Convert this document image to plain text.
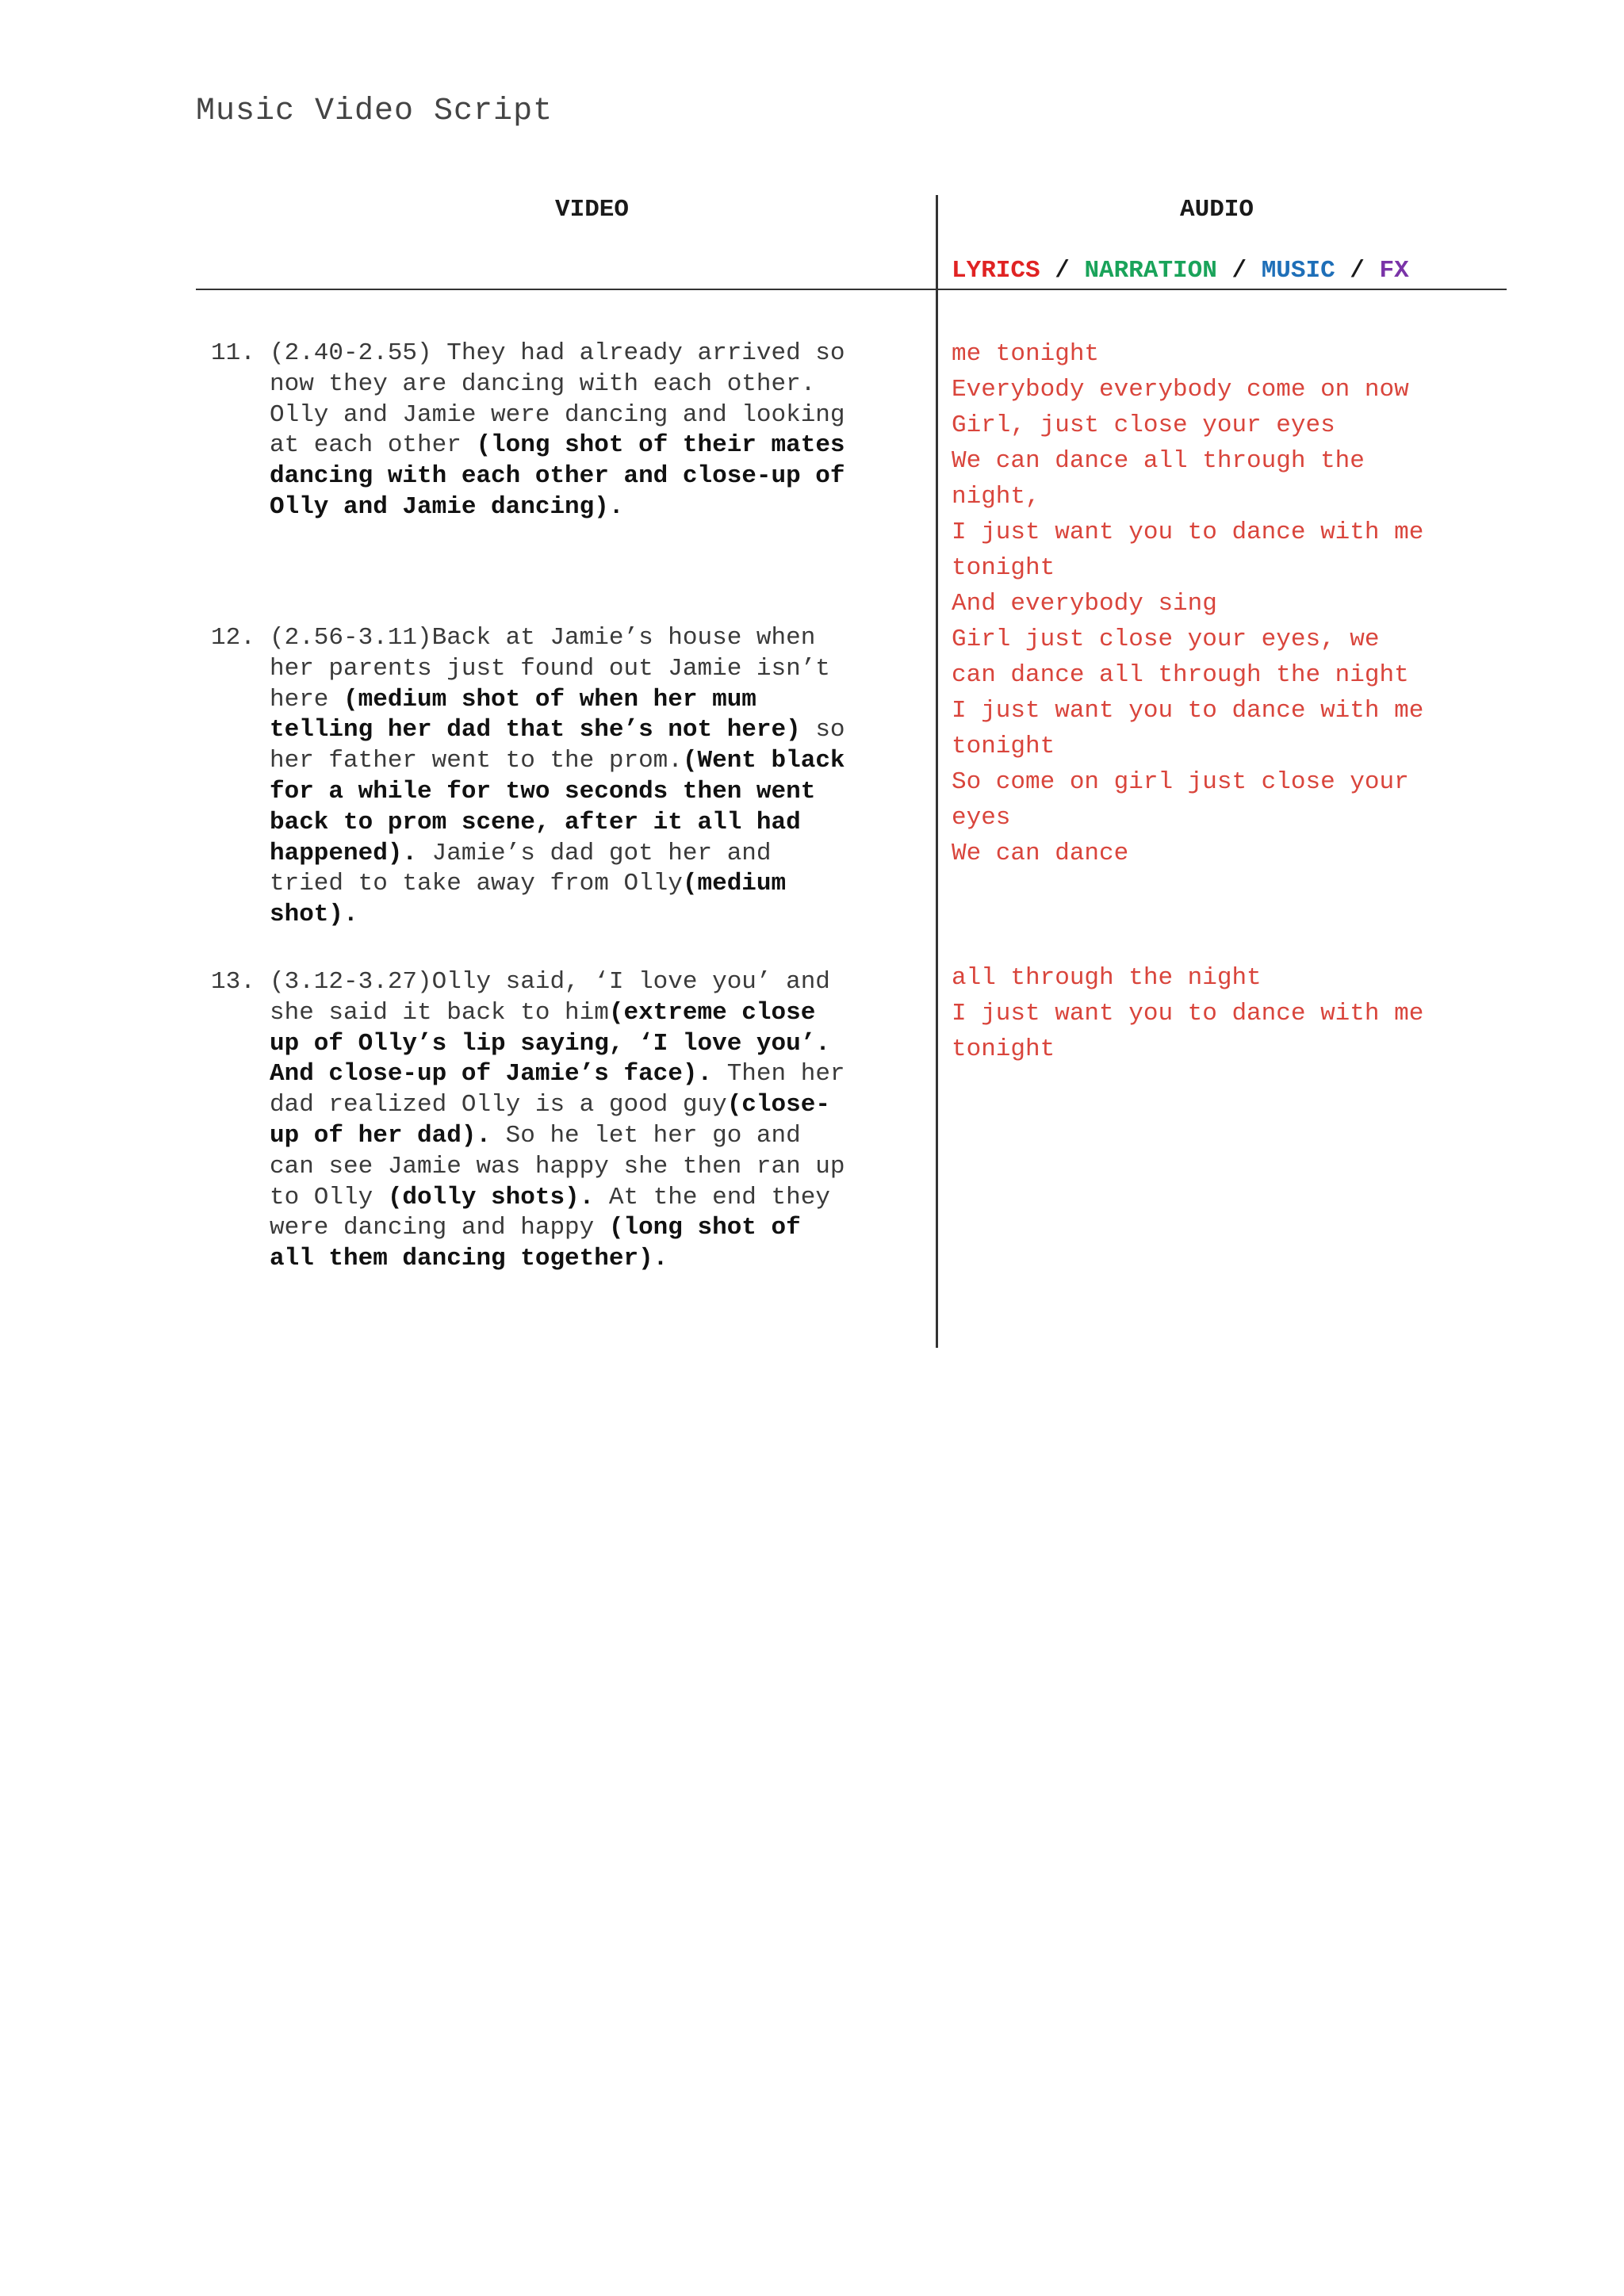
Music Video Script
VIDEO	AUDIO
LYRICS / NARRATION / MUSIC / FX
11. (2.40-2.55) They had already arrived so
now they are dancing with each other.
Olly and Jamie were dancing and looking
at each other (long shot of their mates
dancing with each other and close-up of
Olly and Jamie dancing).
12. (2.56-3.11)Back at Jamie’s house when
her parents just found out Jamie isn’t
here (medium shot of when her mum
telling her dad that she’s not here) so
her father went to the prom.(Went black
for a while for two seconds then went
back to prom scene, after it all had
happened). Jamie’s dad got her and
tried to take away from Olly(medium
shot).
13. (3.12-3.27)Olly said, ‘I love you’ and
she said it back to him(extreme close
up of Olly’s lip saying, ‘I love you’.
And close-up of Jamie’s face). Then her
dad realized Olly is a good guy(close-
up of her dad). So he let her go and
can see Jamie was happy she then ran up
to Olly (dolly shots). At the end they
were dancing and happy (long shot of
all them dancing together).
me tonight
Everybody everybody come on now
Girl, just close your eyes
We can dance all through the
night,
I just want you to dance with me
tonight
And everybody sing
Girl just close your eyes, we
can dance all through the night
I just want you to dance with me
tonight
So come on girl just close your
eyes
We can dance
all through the night
I just want you to dance with me
tonight
